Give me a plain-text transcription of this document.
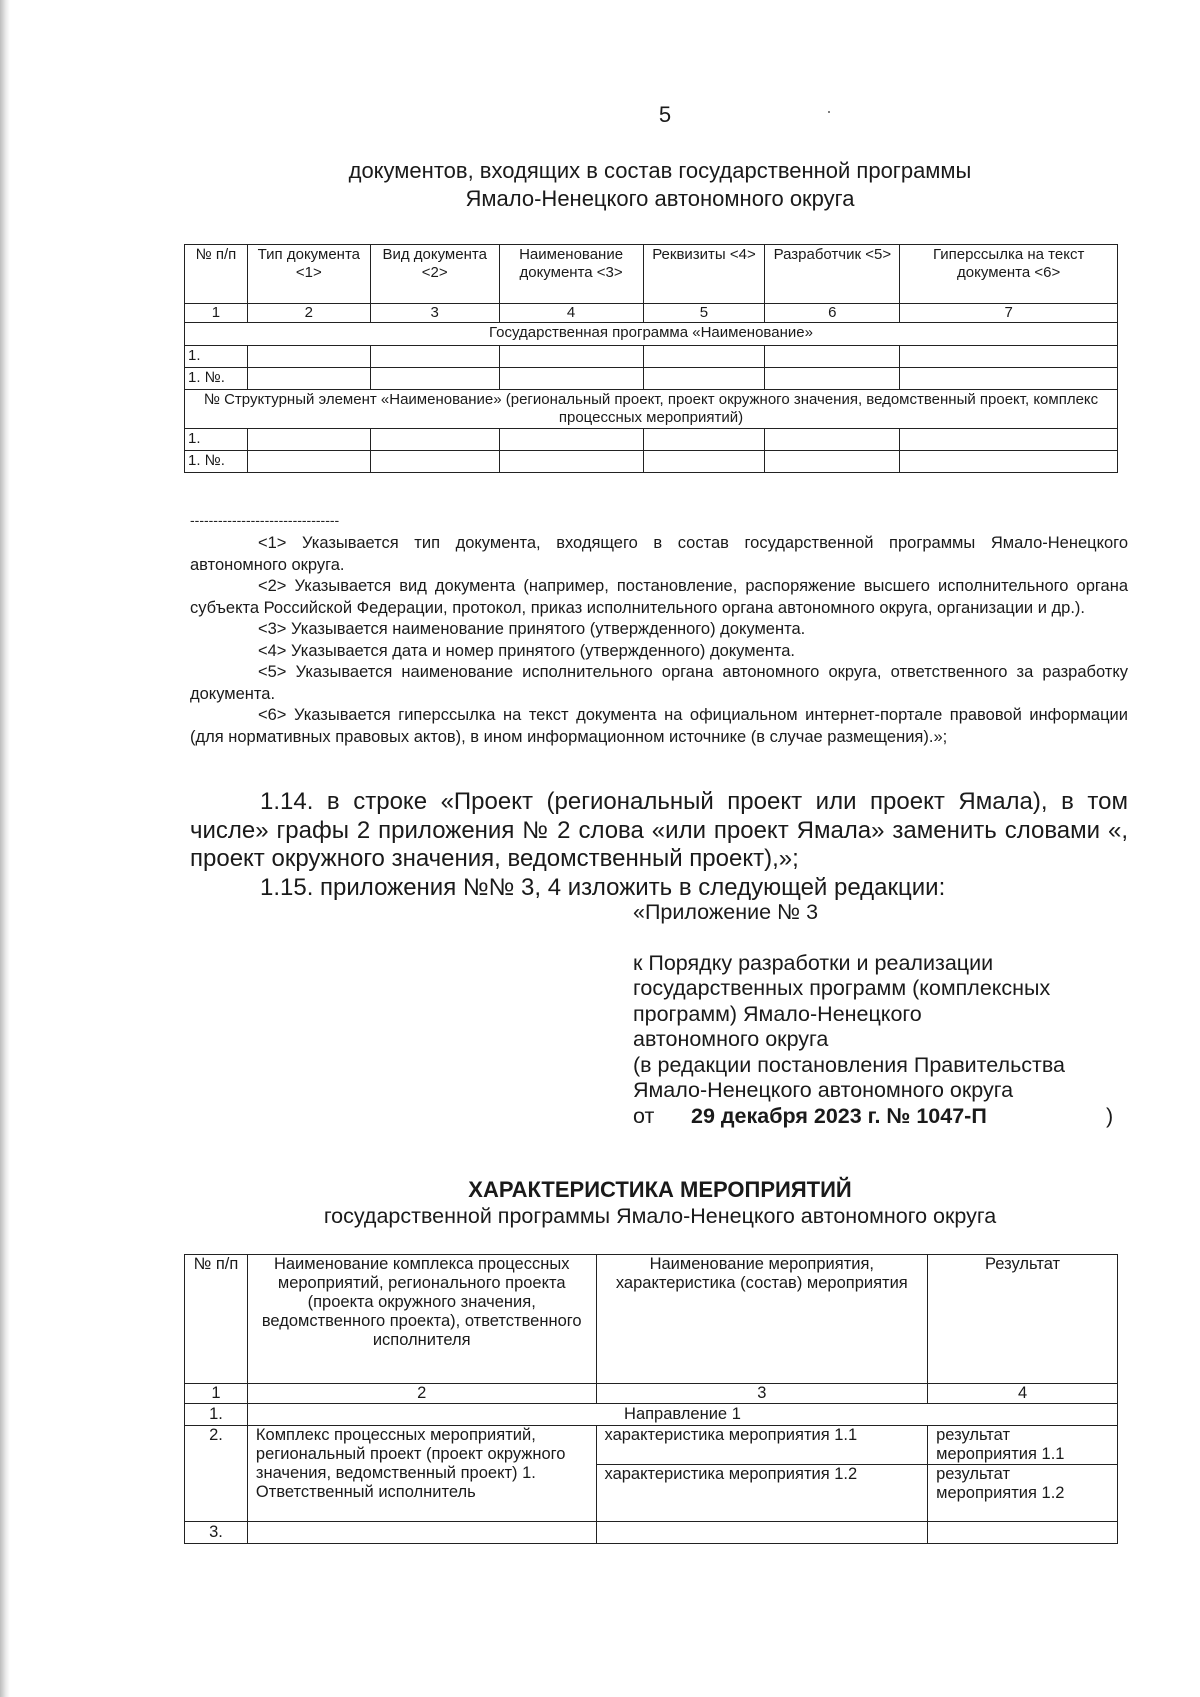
5
документов, входящих в состав государственной программы
Ямало-Ненецкого автономного округа
№ п/п	Тип документа <1>	Вид документа <2>	Наименование документа <3>	Реквизиты <4>	Разработчик <5>	Гиперссылка на текст документа <6>
1	2	3	4	5	6	7
Государственная программа «Наименование»						
1.						
1. №.						
№ Структурный элемент «Наименование» (региональный проект, проект окружного значения, ведомственный проект, комплекс процессных мероприятий)						
1.						
1. №.						
--------------------------------

<1> Указывается тип документа, входящего в состав государственной программы Ямало-Ненецкого автономного округа.

<2> Указывается вид документа (например, постановление, распоряжение высшего исполнительного органа субъекта Российской Федерации, протокол, приказ исполнительного органа автономного округа, организации и др.).

<3> Указывается наименование принятого (утвержденного) документа.

<4> Указывается дата и номер принятого (утвержденного) документа.

<5> Указывается наименование исполнительного органа автономного округа, ответственного за разработку документа.

<6> Указывается гиперссылка на текст документа на официальном интернет-портале правовой информации (для нормативных правовых актов), в ином информационном источнике (в случае размещения).»;

1.14. в строке «Проект (региональный проект или проект Ямала), в том числе» графы 2 приложения № 2 слова «или проект Ямала» заменить словами «, проект окружного значения, ведомственный проект),»;

1.15. приложения №№ 3, 4 изложить в следующей редакции:

«Приложение № 3
к Порядку разработки и реализации
государственных программ (комплексных
программ) Ямало-Ненецкого
автономного округа
(в редакции постановления Правительства
Ямало-Ненецкого автономного округа
от 29 декабря 2023 г. № 1047-П	)
ХАРАКТЕРИСТИКА МЕРОПРИЯТИЙ
государственной программы Ямало-Ненецкого автономного округа
№ п/п	Наименование комплекса процессных мероприятий, регионального проекта (проекта окружного значения, ведомственного проекта), ответственного исполнителя	Наименование мероприятия, характеристика (состав) мероприятия	Результат
1	2	3	4
1.	Направление 1		
2.	Комплекс процессных мероприятий, региональный проект (проект окружного значения, ведомственный проект) 1. Ответственный исполнитель	характеристика мероприятия 1.1	результат мероприятия 1.1
		характеристика мероприятия 1.2	результат мероприятия 1.2
3.			
